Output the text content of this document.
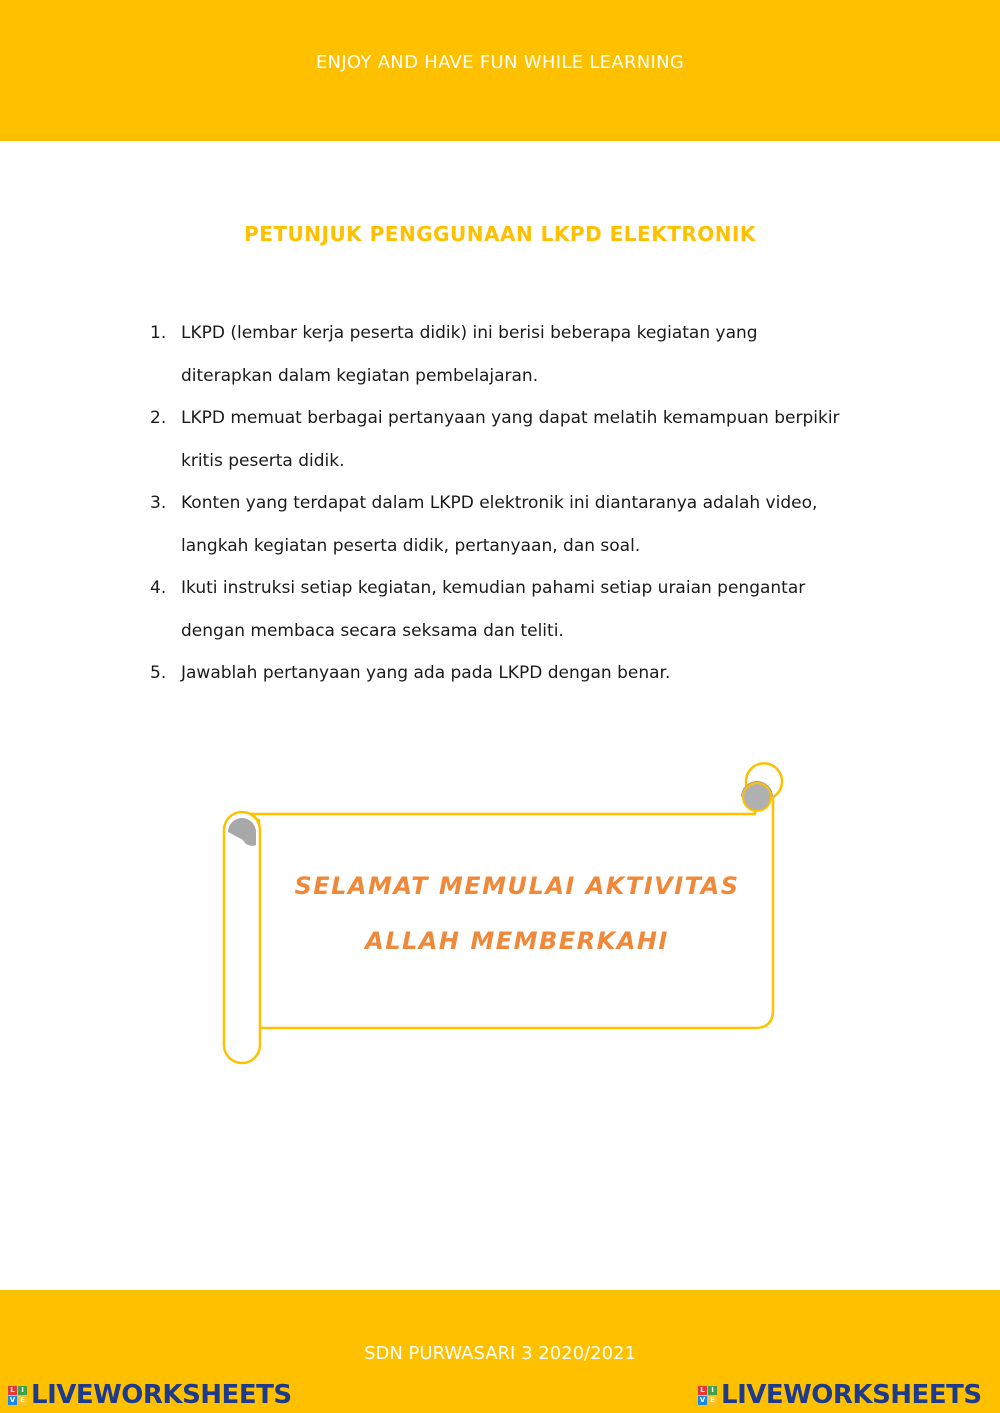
ENJOY AND HAVE FUN WHILE LEARNING
PETUNJUK PENGGUNAAN LKPD ELEKTRONIK
1. LKPD (lembar kerja peserta didik) ini berisi beberapa kegiatan yang
diterapkan dalam kegiatan pembelajaran.
2. LKPD memuat berbagai pertanyaan yang dapat melatih kemampuan berpikir
kritis peserta didik.
3. Konten yang terdapat dalam LKPD elektronik ini diantaranya adalah video,
langkah kegiatan peserta didik, pertanyaan, dan soal.
4. Ikuti instruksi setiap kegiatan, kemudian pahami setiap uraian pengantar
dengan membaca secara seksama dan teliti.
5. Jawablah pertanyaan yang ada pada LKPD dengan benar.
SELAMAT MEMULAI AKTIVITAS
ALLAH MEMBERKAHI
SDN PURWASARI 3 2020/2021
L I
V E LIVEWORKSHEETS	L I
V E LIVEWORKSHEETS
